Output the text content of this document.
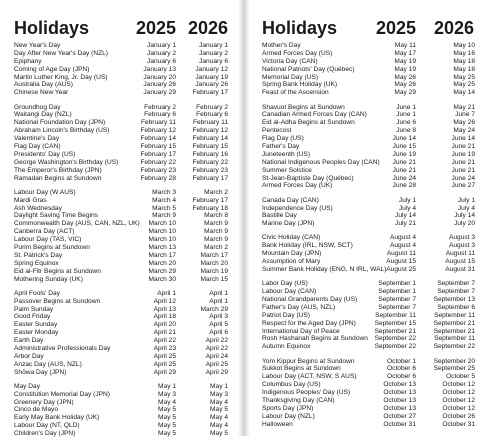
Holidays	2025 2026
New Year's Day	January 1	January 1
Day After New Year's Day (NZL)	January 2	January 2
Epiphany	January 6	January 6
Coming of Age Day (JPN)	January 13	January 12
Martin Luther King, Jr. Day (US)	January 20	January 19
Australia Day (AUS)	January 26	January 26
Chinese New Year	January 29	February 17
Groundhog Day	February 2	February 2
Waitangi Day (NZL)	February 6	February 6
National Foundation Day (JPN)	February 11	February 11
Abraham Lincoln's Birthday (US)	February 12	February 12
Valentine's Day	February 14	February 14
Flag Day (CAN)	February 15	February 15
Presidents' Day (US)	February 17	February 16
George Washington's Birthday (US)	February 22	February 22
The Emperor's Birthday (JPN)	February 23	February 23
Ramadan Begins at Sundown	February 28	February 17
Labour Day (W AUS)	March 3	March 2
Mardi Gras	March 4	February 17
Ash Wednesday	March 5	February 18
Daylight Saving Time Begins	March 9	March 8
Commonwealth Day (AUS, CAN, NZL, UK)	March 10	March 9
Canberra Day (ACT)	March 10	March 9
Labour Day (TAS, VIC)	March 10	March 9
Purim Begins at Sundown	March 13	March 2
St. Patrick's Day	March 17	March 17
Spring Equinox	March 20	March 20
Eid al-Fitr Begins at Sundown	March 29	March 19
Mothering Sunday (UK)	March 30	March 15
April Fools' Day	April 1	April 1
Passover Begins at Sundown	April 12	April 1
Palm Sunday	April 13	March 29
Good Friday	April 18	April 3
Easter Sunday	April 20	April 5
Easter Monday	April 21	April 6
Earth Day	April 22	April 22
Administrative Professionals Day	April 23	April 22
Arbor Day	April 25	April 24
Anzac Day (AUS, NZL)	April 25	April 25
Shōwa Day (JPN)	April 29	April 29
May Day	May 1	May 1
Constitution Memorial Day (JPN)	May 3	May 3
Greenery Day (JPN)	May 4	May 4
Cinco de Mayo	May 5	May 5
Early May Bank Holiday (UK)	May 5	May 4
Labour Day (NT, QLD)	May 5	May 4
Children's Day (JPN)	May 5	May 5
Holidays	2025 2026
Mother's Day	May 11	May 10
Armed Forces Day (US)	May 17	May 16
Victoria Day (CAN)	May 19	May 18
National Patriots' Day (Québec)	May 19	May 18
Memorial Day (US)	May 26	May 25
Spring Bank Holiday (UK)	May 26	May 25
Feast of the Ascension	May 29	May 14
Shavuot Begins at Sundown	June 1	May 21
Canadian Armed Forces Day (CAN)	June 1	June 7
Eid al-Adha Begins at Sundown	June 6	May 26
Pentecost	June 8	May 24
Flag Day (US)	June 14	June 14
Father's Day	June 15	June 21
Juneteenth (US)	June 19	June 19
National Indigenous Peoples Day (CAN)	June 21	June 21
Summer Solstice	June 21	June 21
St-Jean-Baptiste Day (Québec)	June 24	June 24
Armed Forces Day (UK)	June 28	June 27
Canada Day (CAN)	July 1	July 1
Independence Day (US)	July 4	July 4
Bastille Day	July 14	July 14
Marine Day (JPN)	July 21	July 20
Civic Holiday (CAN)	August 4	August 3
Bank Holiday (IRL, NSW, SCT)	August 4	August 3
Mountain Day (JPN)	August 11	August 11
Assumption of Mary	August 15	August 15
Summer Bank Holiday (ENG, N IRL, WAL) August 25	August 31
Labor Day (US)	September 1	September 7
Labour Day (CAN)	September 1	September 7
National Grandparents Day (US)	September 7	September 13
Father's Day (AUS, NZL)	September 7	September 6
Patriot Day (US)	September 11	September 11
Respect for the Aged Day (JPN)	September 15	September 21
International Day of Peace	September 21	September 21
Rosh Hashanah Begins at Sundown	September 22	September 11
Autumn Equinox	September 22	September 22
Yom Kippur Begins at Sundown	October 1	September 20
Sukkot Begins at Sundown	October 6	September 25
Labour Day (ACT, NSW, S AUS)	October 6	October 5
Columbus Day (US)	October 13	October 12
Indigenous Peoples' Day (US)	October 13	October 12
Thanksgiving Day (CAN)	October 13	October 12
Sports Day (JPN)	October 13	October 12
Labour Day (NZL)	October 27	October 26
Halloween	October 31	October 31
